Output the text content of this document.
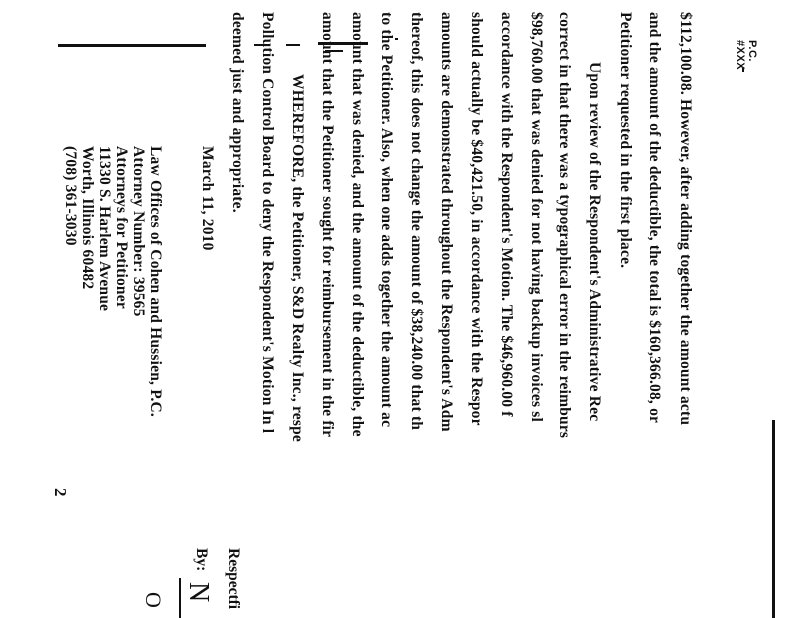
P.C. #XXX
$112,100.08. However, after adding together the amount actu
and the amount of the deductible, the total is $160,366.08, or
Petitioner requested in the first place.
Upon review of the Respondent's Administrative Rec
correct in that there was a typographical error in the reimburs
$98,760.00 that was denied for not having backup invoices sl
accordance with the Respondent's Motion. The $46,960.00 f
should actually be $40,421.50, in accordance with the Respor
amounts are demonstrated throughout the Respondent's Adm
thereof, this does not change the amount of $38,240.00 that th
to the Petitioner. Also, when one adds together the amount ac
amount that was denied, and the amount of the deductible, the
amount that the Petitioner sought for reimbursement in the fir
WHEREFORE, the Petitioner, S&D Realty Inc., respe
Pollution Control Board to deny the Respondent's Motion In l
deemed just and appropriate.
March 11, 2010
Law Offices of Cohen and Hussien, P.C.
Attorney Number: 39565
Attorneys for Petitioner
11330 S. Harlem Avenue
Worth, Illinois 60482
(708) 361-3030
2
Respectfi
By:
N
O
